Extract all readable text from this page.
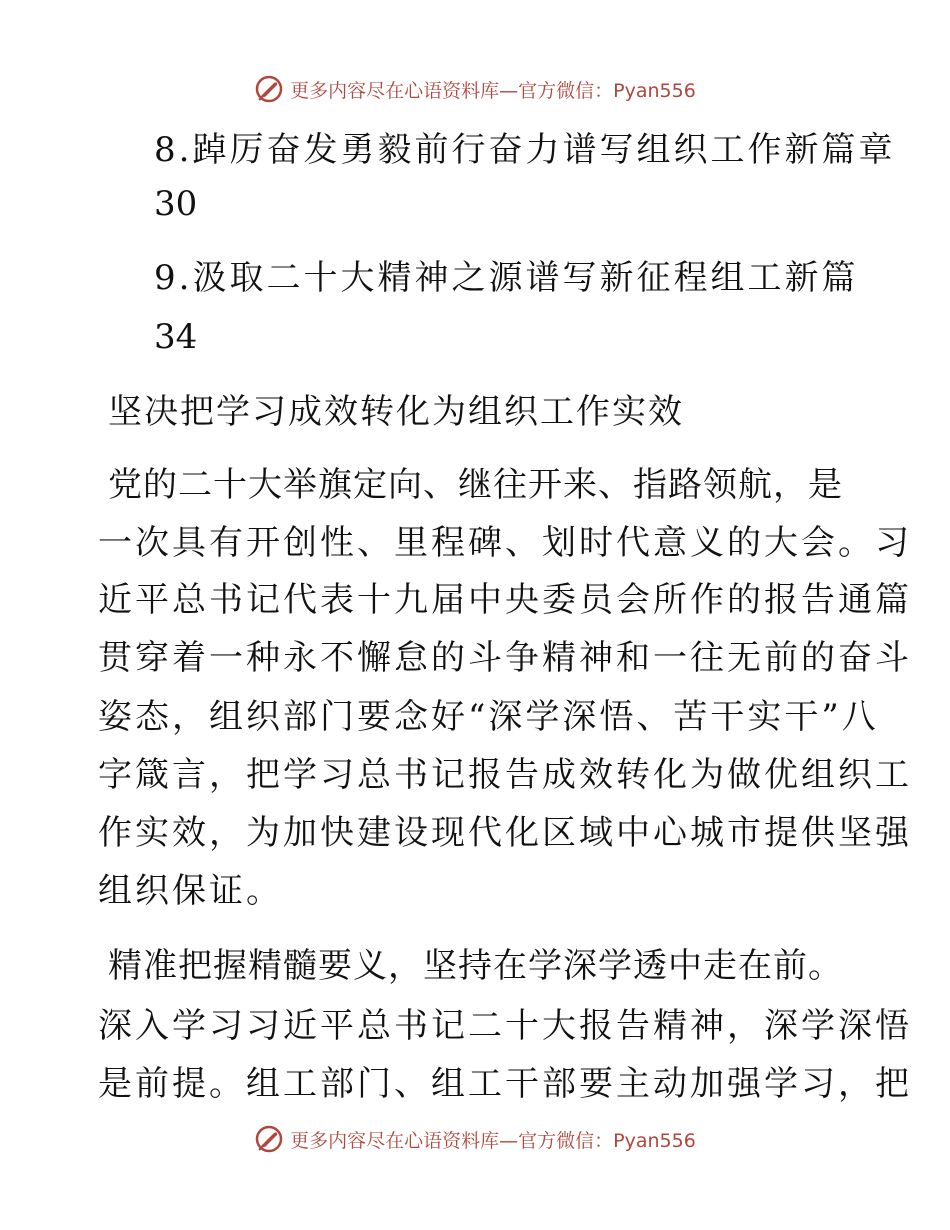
更多内容尽在心语资料库—官方微信：Pyan556
8.踔厉奋发勇毅前行奋力谱写组织工作新篇章
30
9.汲取二十大精神之源谱写新征程组工新篇
34
坚决把学习成效转化为组织工作实效
党的二十大举旗定向、继往开来、指路领航，是
一次具有开创性、里程碑、划时代意义的大会。习
近平总书记代表十九届中央委员会所作的报告通篇
贯穿着一种永不懈怠的斗争精神和一往无前的奋斗
姿态，组织部门要念好“深学深悟、苦干实干”八
字箴言，把学习总书记报告成效转化为做优组织工
作实效，为加快建设现代化区域中心城市提供坚强
组织保证。
精准把握精髓要义，坚持在学深学透中走在前。
深入学习习近平总书记二十大报告精神，深学深悟
是前提。组工部门、组工干部要主动加强学习，把
更多内容尽在心语资料库—官方微信：Pyan556
